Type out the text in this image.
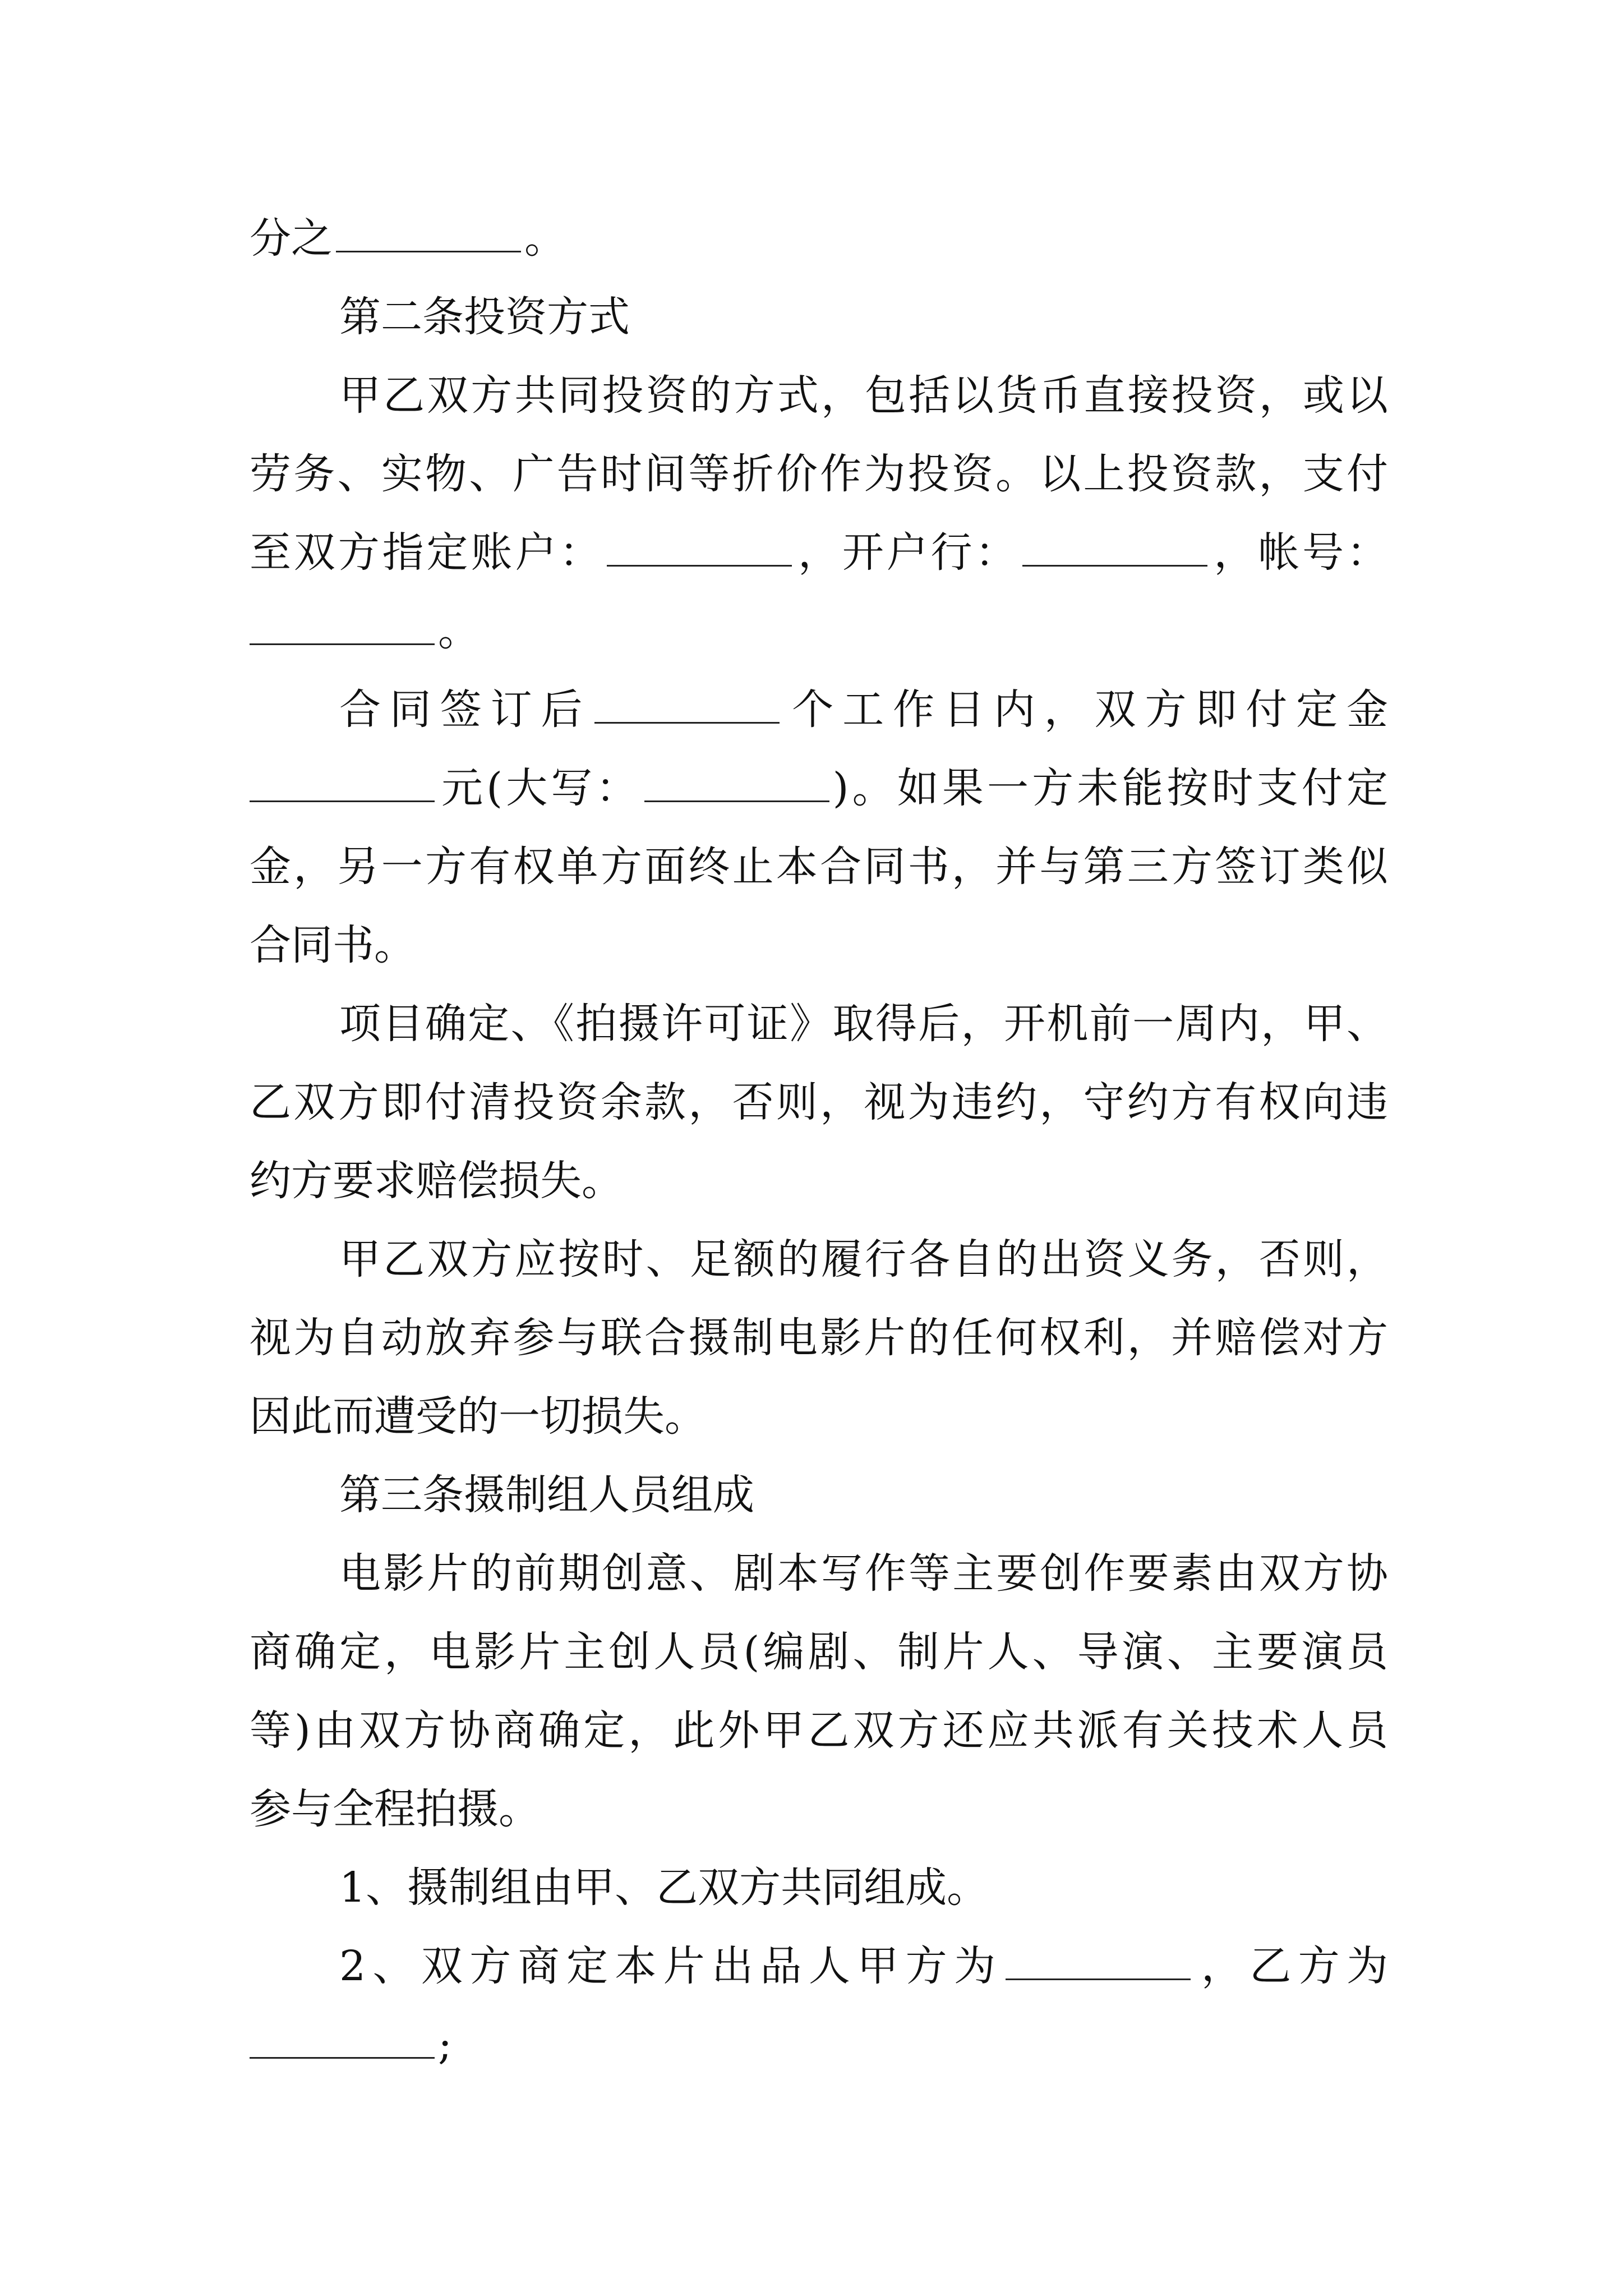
分之	。
第二条投资方式
甲乙双方共同投资的方式，包括以货币直接投资，或以
劳务、实物、广告时间等折价作为投资。以上投资款，支付
至双方指定账户：	，开户行：	，帐号：
。
合同签订后	个工作日内，双方即付定金
元(大写：	)。如果一方未能按时支付定
金，另一方有权单方面终止本合同书，并与第三方签订类似
合同书。
项目确定、《拍摄许可证》取得后，开机前一周内，甲、
乙双方即付清投资余款，否则，视为违约，守约方有权向违
约方要求赔偿损失。
甲乙双方应按时、足额的履行各自的出资义务，否则，
视为自动放弃参与联合摄制电影片的任何权利，并赔偿对方
因此而遭受的一切损失。
第三条摄制组人员组成
电影片的前期创意、剧本写作等主要创作要素由双方协
商确定，电影片主创人员(编剧、制片人、导演、主要演员
等)由双方协商确定，此外甲乙双方还应共派有关技术人员
参与全程拍摄。
1、摄制组由甲、乙双方共同组成。
2、双方商定本片出品人甲方为	，乙方为
;
